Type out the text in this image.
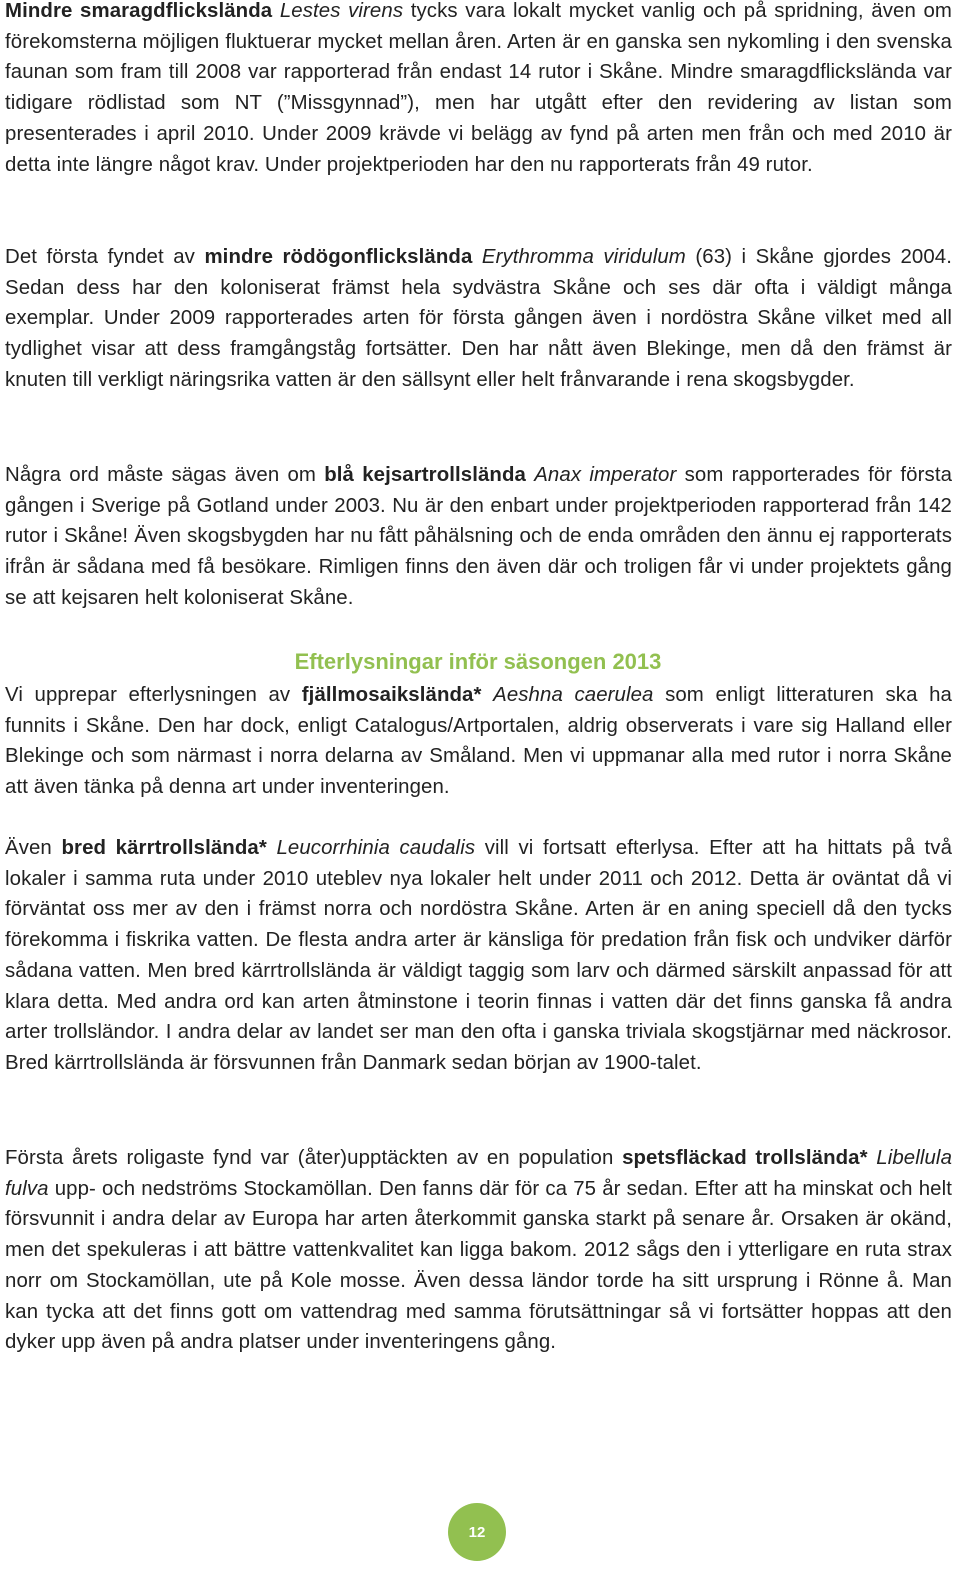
Mindre smaragdflickslända Lestes virens tycks vara lokalt mycket vanlig och på spridning, även om förekomsterna möjligen fluktuerar mycket mellan åren. Arten är en ganska sen nykomling i den svenska faunan som fram till 2008 var rapporterad från endast 14 rutor i Skåne. Mindre smaragdflickslända var tidigare rödlistad som NT (”Missgynnad”), men har utgått efter den revidering av listan som presenterades i april 2010. Under 2009 krävde vi belägg av fynd på arten men från och med 2010 är detta inte längre något krav. Under projektperioden har den nu rapporterats från 49 rutor.

Det första fyndet av mindre rödögonflickslända Erythromma viridulum (63) i Skåne gjordes 2004. Sedan dess har den koloniserat främst hela sydvästra Skåne och ses där ofta i väldigt många exemplar. Under 2009 rapporterades arten för första gången även i nordöstra Skåne vilket med all tydlighet visar att dess framgångståg fortsätter. Den har nått även Blekinge, men då den främst är knuten till verkligt näringsrika vatten är den sällsynt eller helt frånvarande i rena skogsbygder.

Några ord måste sägas även om blå kejsartrollslända Anax imperator som rapporterades för första gången i Sverige på Gotland under 2003. Nu är den enbart under projektperioden rapporterad från 142 rutor i Skåne! Även skogsbygden har nu fått påhälsning och de enda områden den ännu ej rapporterats ifrån är sådana med få besökare. Rimligen finns den även där och troligen får vi under projektets gång se att kejsaren helt koloniserat Skåne.

Efterlysningar inför säsongen 2013

Vi upprepar efterlysningen av fjällmosaikslända* Aeshna caerulea som enligt litteraturen ska ha funnits i Skåne. Den har dock, enligt Catalogus/Artportalen, aldrig observerats i vare sig Halland eller Blekinge och som närmast i norra delarna av Småland. Men vi uppmanar alla med rutor i norra Skåne att även tänka på denna art under inventeringen.

Även bred kärrtrollslända* Leucorrhinia caudalis vill vi fortsatt efterlysa. Efter att ha hittats på två lokaler i samma ruta under 2010 uteblev nya lokaler helt under 2011 och 2012. Detta är oväntat då vi förväntat oss mer av den i främst norra och nordöstra Skåne. Arten är en aning speciell då den tycks förekomma i fiskrika vatten. De flesta andra arter är känsliga för predation från fisk och undviker därför sådana vatten. Men bred kärrtrollslända är väldigt taggig som larv och därmed särskilt anpassad för att klara detta. Med andra ord kan arten åtminstone i teorin finnas i vatten där det finns ganska få andra arter trollsländor. I andra delar av landet ser man den ofta i ganska triviala skogstjärnar med näckrosor. Bred kärrtrollslända är försvunnen från Danmark sedan början av 1900-talet.

Första årets roligaste fynd var (åter)upptäckten av en population spetsfläckad trollslända* Libellula fulva upp- och nedströms Stockamöllan. Den fanns där för ca 75 år sedan. Efter att ha minskat och helt försvunnit i andra delar av Europa har arten återkommit ganska starkt på senare år. Orsaken är okänd, men det spekuleras i att bättre vattenkvalitet kan ligga bakom. 2012 sågs den i ytterligare en ruta strax norr om Stockamöllan, ute på Kole mosse. Även dessa ländor torde ha sitt ursprung i Rönne å. Man kan tycka att det finns gott om vattendrag med samma förutsättningar så vi fortsätter hoppas att den dyker upp även på andra platser under inventeringens gång.

12
